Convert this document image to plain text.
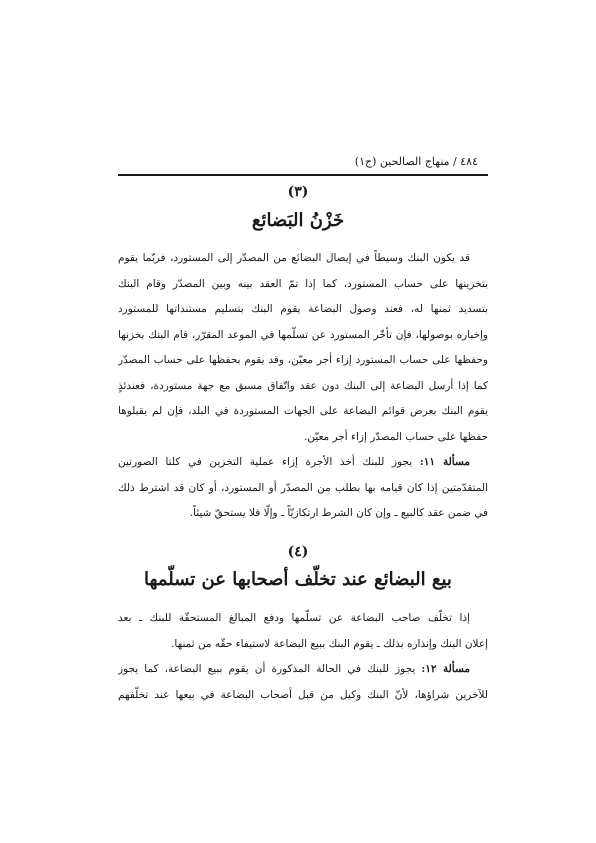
٤٨٤ / منهاج الصالحين (ج١)
(٣)
خَزْنُ البَضائع
قد يكون البنك وسيطاً في إيصال البضائع من المصدّر إلى المستورد، فربّما يقوم
بتخزينها على حساب المستورد، كما إذا تمّ العقد بينه وبين المصدّر وقام البنك
بتسديد ثمنها له، فعند وصول البضاعة يقوم البنك بتسليم مستنداتها للمستورد
وإخباره بوصولها، فإن تأخّر المستورد عن تسلّمها في الموعد المقرّر، قام البنك بخزنها
وحفظها على حساب المستورد إزاء أجر معيّن، وقد يقوم بحفظها على حساب المصدّر
كما إذا أرسل البضاعة إلى البنك دون عقد واتّفاق مسبق مع جهة مستوردة، فعندئذٍ
يقوم البنك بعرض قوائم البضاعة على الجهات المستوردة في البلد، فإن لم يقبلوها
حفظها على حساب المصدّر إزاء أجر معيّن.
مسألة ١١: يجوز للبنك أخذ الأجرة إزاء عملية التخزين في كلتا الصورتين
المتقدّمتين إذا كان قيامه بها بطلب من المصدّر أو المستورد، أو كان قد اشترط ذلك
في ضمن عقد كالبيع ـ وإن كان الشرط ارتكازيّاً ـ وإلّا فلا يستحقّ شيئاً.
(٤)
بيع البضائع عند تخلّف أصحابها عن تسلّمها
إذا تخلّف صاحب البضاعة عن تسلّمها ودفع المبالغ المستحقّة للبنك ـ بعد
إعلان البنك وإنذاره بذلك ـ يقوم البنك ببيع البضاعة لاستيفاء حقّه من ثمنها.
مسألة ١٢: يجوز للبنك في الحالة المذكورة أن يقوم ببيع البضاعة، كما يجوز
للآخرين شراؤها، لأنّ البنك وكيل من قبل أصحاب البضاعة في بيعها عند تخلّفهم
